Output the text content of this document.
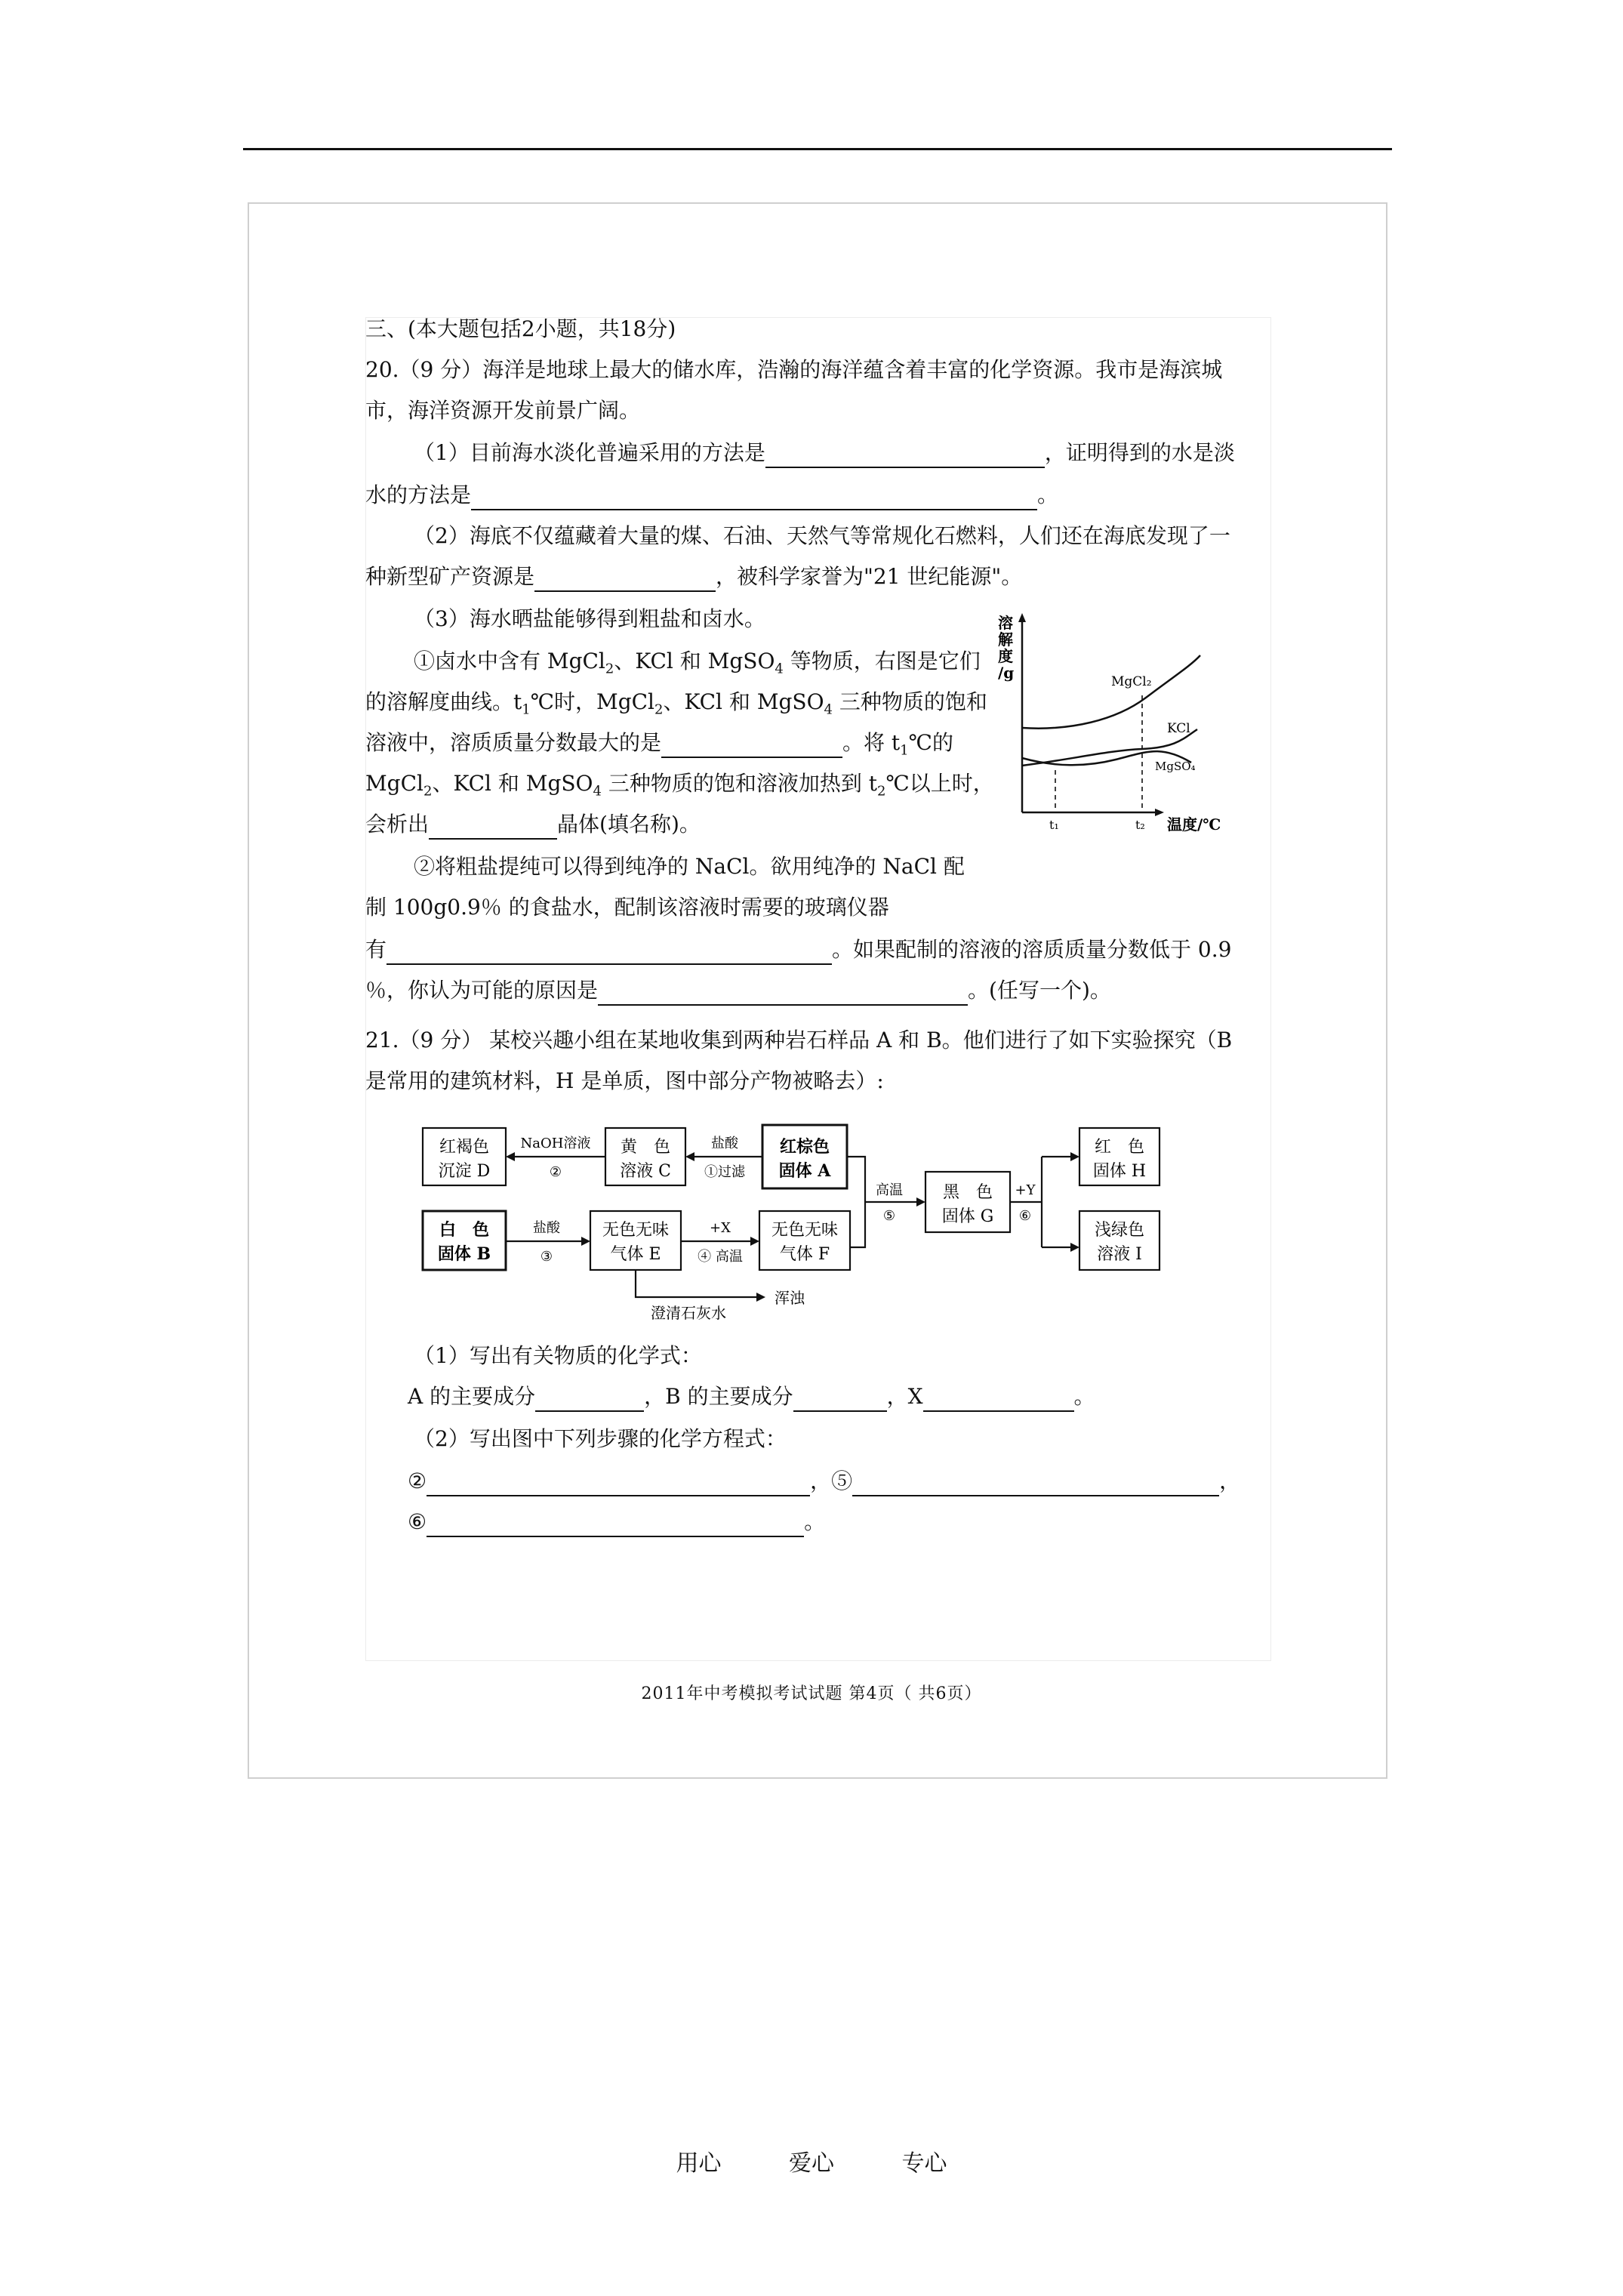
三、(本大题包括2小题，共18分)
20.（9 分）海洋是地球上最大的储水库，浩瀚的海洋蕴含着丰富的化学资源。我市是海滨城
市，海洋资源开发前景广阔。
（1）目前海水淡化普遍采用的方法是	，证明得到的水是淡
水的方法是	。
（2）海底不仅蕴藏着大量的煤、石油、天然气等常规化石燃料，人们还在海底发现了一
种新型矿产资源是	，被科学家誉为"21 世纪能源"。
（3）海水晒盐能够得到粗盐和卤水。
①卤水中含有 MgCl$_2$、KCl 和 MgSO$_4$ 等物质，右图是它们
的溶解度曲线。$t_1℃$时，MgCl$_2$、KCl 和 MgSO$_4$ 三种物质的饱和
溶液中，溶质质量分数最大的是	。将 $t_1℃$的
MgCl$_2$、KCl 和 MgSO$_4$ 三种物质的饱和溶液加热到 $t_2℃$以上时，
会析出	晶体(填名称)。
②将粗盐提纯可以得到纯净的 NaCl。欲用纯净的 NaCl 配
制 100g0.9％ 的食盐水，配制该溶液时需要的玻璃仪器
有	。如果配制的溶液的溶质质量分数低于 0.9
％，你认为可能的原因是	。(任写一个)。
溶
解
度
/g	MgCl₂
KCl
MgSO₄
t₁	t₂ 温度/℃
21.（9 分） 某校兴趣小组在某地收集到两种岩石样品 A 和 B。他们进行了如下实验探究（B
是常用的建筑材料，H 是单质，图中部分产物被略去）:
红褐色
沉淀 D
黄　色
溶液 C
红棕色
固体 A
黑　色
固体 G
红　色
固体 H
白　色
固体 B
无色无味
气体 E
无色无味
气体 F
浅绿色
溶液 I
NaOH溶液
②
盐酸
①过滤
高温
⑤
+Y
⑥
盐酸
③
+X
④ 高温
澄清石灰水
浑浊
（1）写出有关物质的化学式：
A 的主要成分	，B 的主要成分	，X	。
（2）写出图中下列步骤的化学方程式：
②	，⑤	，
⑥	。
2011年中考模拟考试试题 第4页（ 共6页）
用心	爱心	专心
